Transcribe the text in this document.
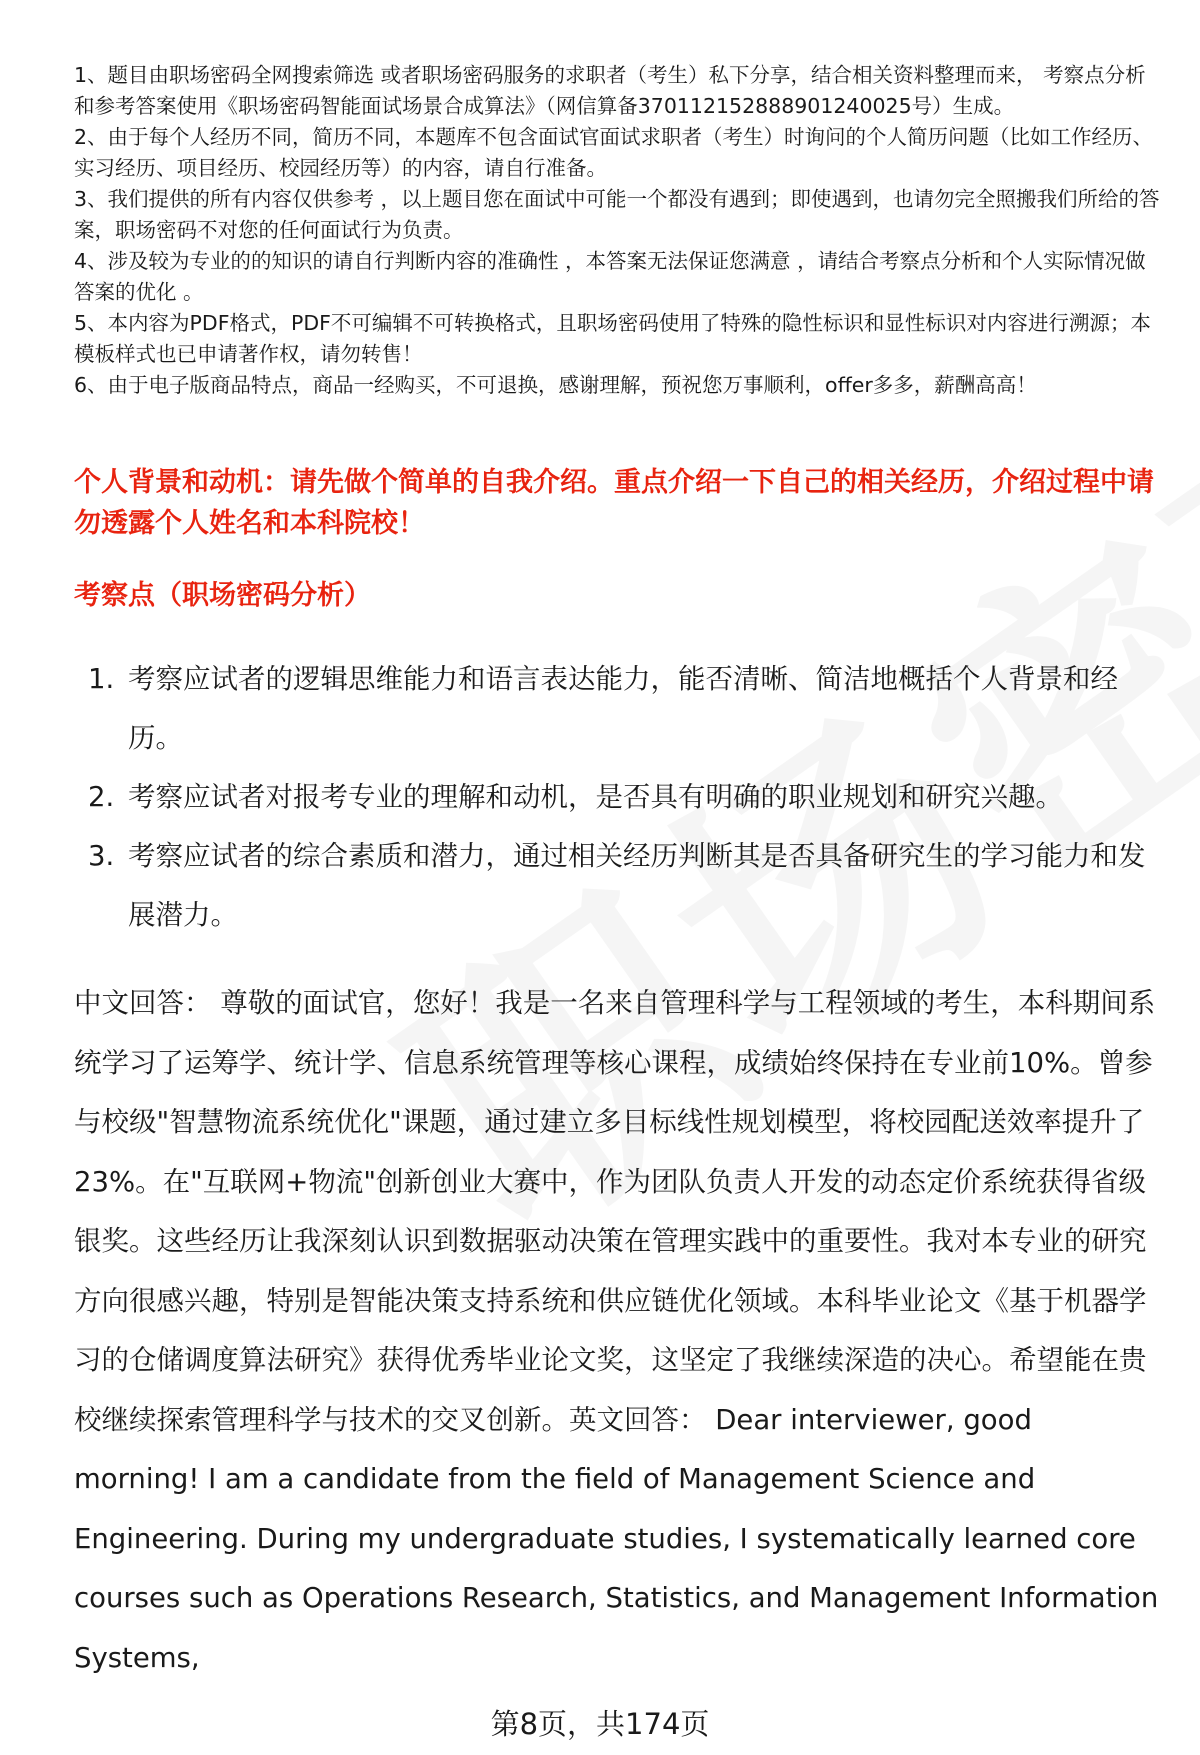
1、题目由职场密码全网搜索筛选 或者职场密码服务的求职者（考生）私下分享，结合相关资料整理而来， 考察点分析和参考答案使用《职场密码智能面试场景合成算法》（网信算备370112152888901240025号）生成。

2、由于每个人经历不同，简历不同，本题库不包含面试官面试求职者（考生）时询问的个人简历问题（比如工作经历、实习经历、项目经历、校园经历等）的内容，请自行准备。

3、我们提供的所有内容仅供参考 ，以上题目您在面试中可能一个都没有遇到；即使遇到，也请勿完全照搬我们所给的答案，职场密码不对您的任何面试行为负责。

4、涉及较为专业的的知识的请自行判断内容的准确性 ，本答案无法保证您满意 ，请结合考察点分析和个人实际情况做答案的优化 。

5、本内容为PDF格式，PDF不可编辑不可转换格式，且职场密码使用了特殊的隐性标识和显性标识对内容进行溯源；本模板样式也已申请著作权，请勿转售！

6、由于电子版商品特点，商品一经购买，不可退换，感谢理解，预祝您万事顺利，offer多多，薪酬高高！

个人背景和动机：请先做个简单的自我介绍。重点介绍一下自己的相关经历，介绍过程中请勿透露个人姓名和本科院校！

考察点（职场密码分析）

1. 考察应试者的逻辑思维能力和语言表达能力，能否清晰、简洁地概括个人背景和经历。
2. 考察应试者对报考专业的理解和动机，是否具有明确的职业规划和研究兴趣。
3. 考察应试者的综合素质和潜力，通过相关经历判断其是否具备研究生的学习能力和发展潜力。

中文回答： 尊敬的面试官，您好！我是一名来自管理科学与工程领域的考生，本科期间系统学习了运筹学、统计学、信息系统管理等核心课程，成绩始终保持在专业前10%。曾参与校级"智慧物流系统优化"课题，通过建立多目标线性规划模型，将校园配送效率提升了23%。在"互联网+物流"创新创业大赛中，作为团队负责人开发的动态定价系统获得省级银奖。这些经历让我深刻认识到数据驱动决策在管理实践中的重要性。我对本专业的研究方向很感兴趣，特别是智能决策支持系统和供应链优化领域。本科毕业论文《基于机器学习的仓储调度算法研究》获得优秀毕业论文奖，这坚定了我继续深造的决心。希望能在贵校继续探索管理科学与技术的交叉创新。英文回答： Dear interviewer, good morning! I am a candidate from the field of Management Science and Engineering. During my undergraduate studies, I systematically learned core courses such as Operations Research, Statistics, and Management Information Systems,

第8页，共174页
